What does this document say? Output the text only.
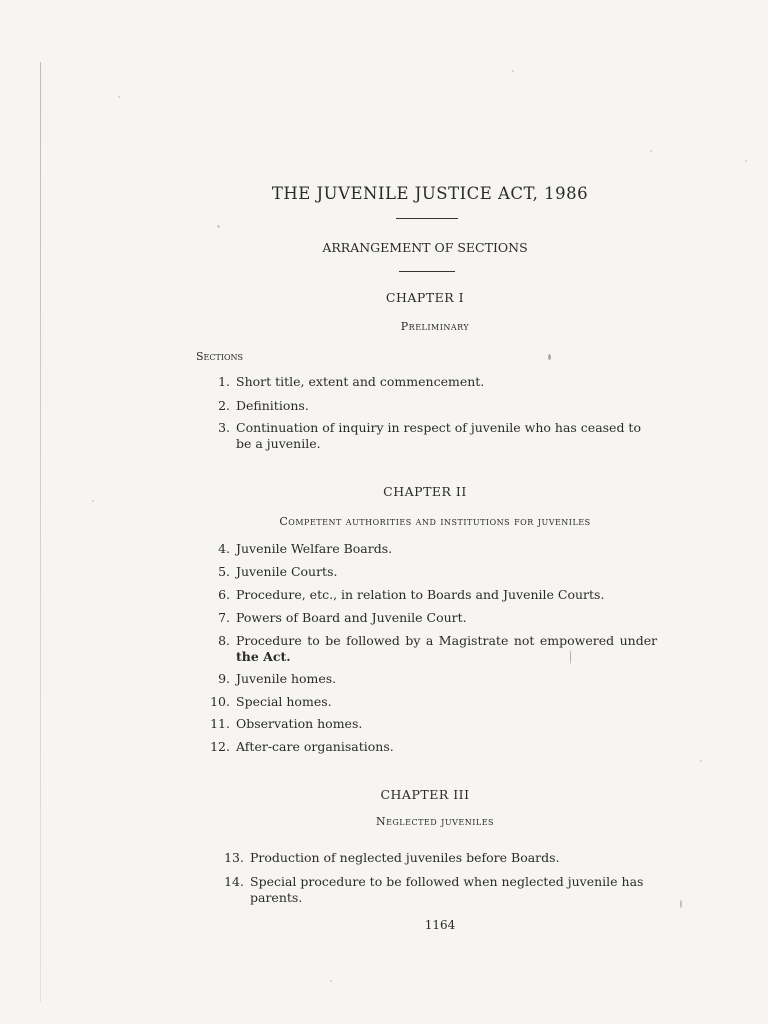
THE JUVENILE JUSTICE ACT, 1986
ARRANGEMENT OF SECTIONS
CHAPTER I
Preliminary
Sections
1. Short title, extent and commencement.
2. Definitions.
3. Continuation of inquiry in respect of juvenile who has ceased to
be a juvenile.
CHAPTER II
Competent authorities and institutions for juveniles
4. Juvenile Welfare Boards.
5. Juvenile Courts.
6. Procedure, etc., in relation to Boards and Juvenile Courts.
7. Powers of Board and Juvenile Court.
8. Procedure to be followed by a Magistrate not empowered under
the Act.
9. Juvenile homes.
10. Special homes.
11. Observation homes.
12. After-care organisations.
CHAPTER III
Neglected juveniles
13. Production of neglected juveniles before Boards.
14. Special procedure to be followed when neglected juvenile has
parents.
1164
